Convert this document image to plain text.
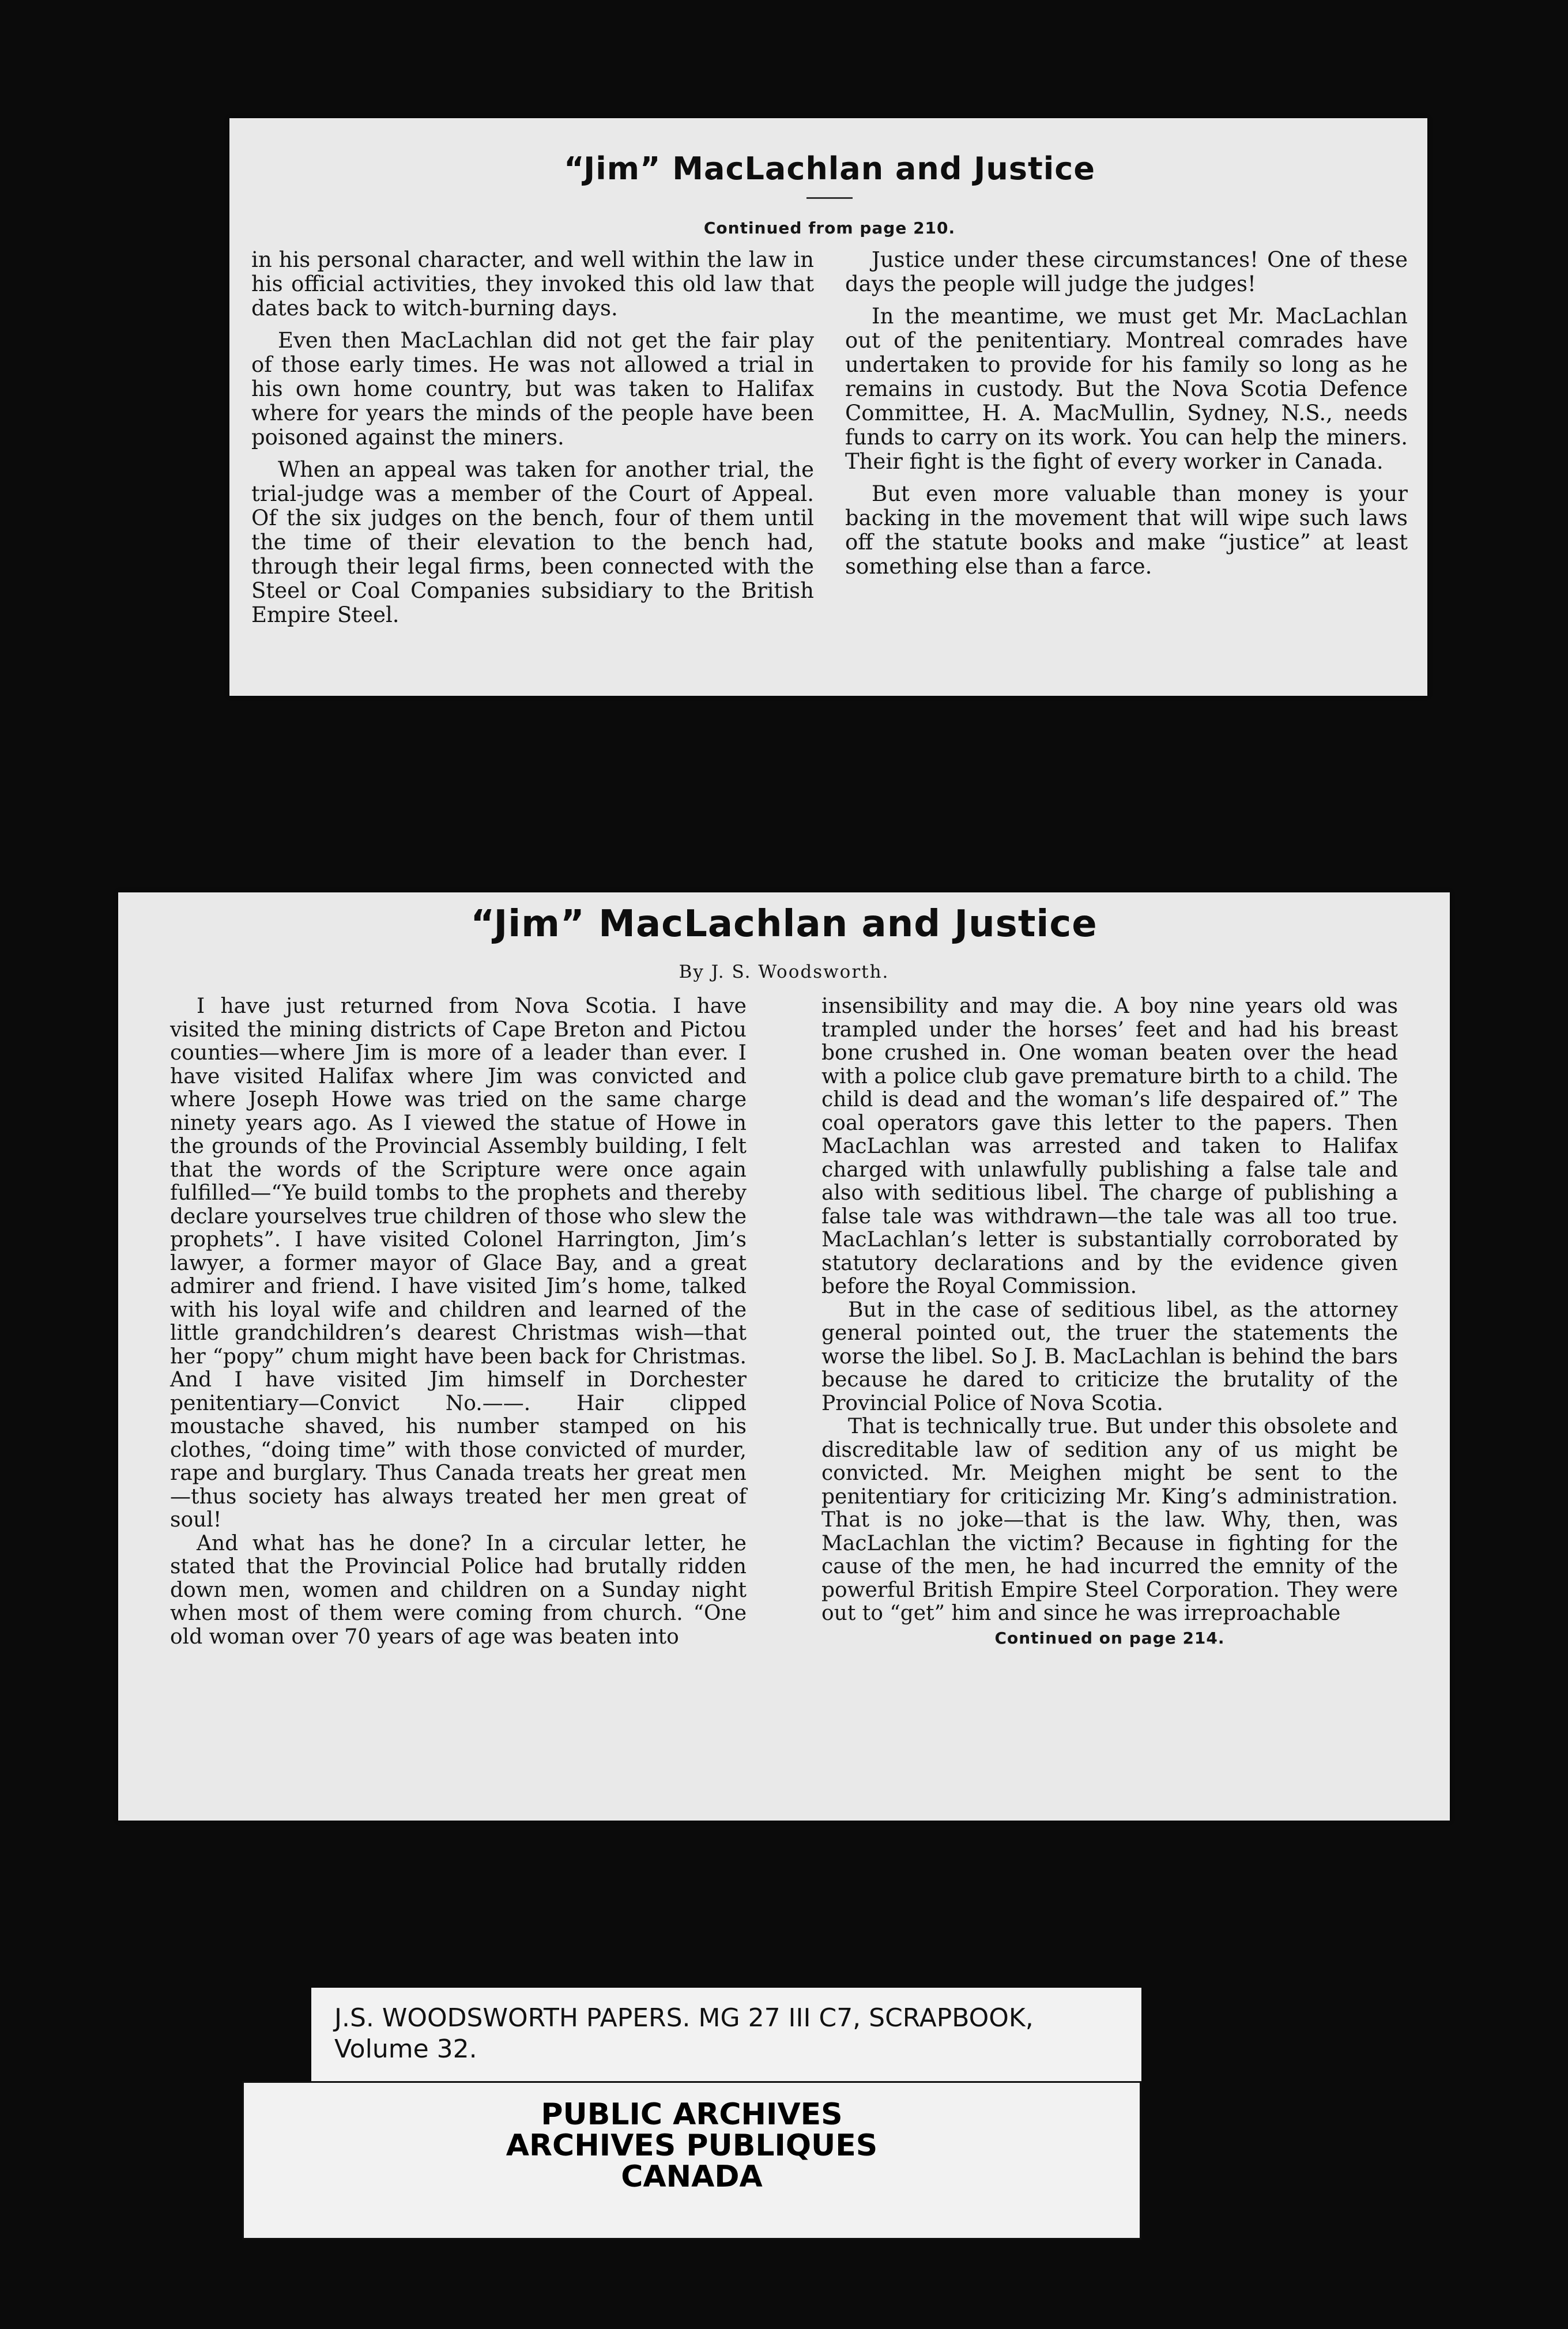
“Jim” MacLachlan and Justice
Continued from page 210.

in his personal character, and well within the law in his official activities, they invoked this old law that dates back to witch-burning days.

Even then MacLachlan did not get the fair play of those early times. He was not allowed a trial in his own home country, but was taken to Halifax where for years the minds of the people have been poisoned against the miners.

When an appeal was taken for another trial, the trial-judge was a member of the Court of Appeal. Of the six judges on the bench, four of them until the time of their elevation to the bench had, through their legal firms, been connected with the Steel or Coal Companies subsidiary to the British Empire Steel.

Justice under these circumstances! One of these days the people will judge the judges!

In the meantime, we must get Mr. MacLachlan out of the penitentiary. Montreal comrades have undertaken to provide for his family so long as he remains in custody. But the Nova Scotia Defence Committee, H. A. MacMullin, Sydney, N.S., needs funds to carry on its work. You can help the miners. Their fight is the fight of every worker in Canada.

But even more valuable than money is your backing in the movement that will wipe such laws off the statute books and make “justice” at least something else than a farce.

“Jim” MacLachlan and Justice
By J. S. Woodsworth.

I have just returned from Nova Scotia. I have visited the mining districts of Cape Breton and Pictou counties—where Jim is more of a leader than ever. I have visited Halifax where Jim was convicted and where Joseph Howe was tried on the same charge ninety years ago. As I viewed the statue of Howe in the grounds of the Provincial Assembly building, I felt that the words of the Scripture were once again fulfilled—“Ye build tombs to the prophets and thereby declare yourselves true children of those who slew the prophets”. I have visited Colonel Harrington, Jim’s lawyer, a former mayor of Glace Bay, and a great admirer and friend. I have visited Jim’s home, talked with his loyal wife and children and learned of the little grandchildren’s dearest Christmas wish—that her “popy” chum might have been back for Christmas. And I have visited Jim himself in Dorchester penitentiary—Convict No.——. Hair clipped moustache shaved, his number stamped on his clothes, “doing time” with those convicted of murder, rape and burglary. Thus Canada treats her great men—thus society has always treated her men great of soul!

And what has he done? In a circular letter, he stated that the Provincial Police had brutally ridden down men, women and children on a Sunday night when most of them were coming from church. “One old woman over 70 years of age was beaten into

insensibility and may die. A boy nine years old was trampled under the horses’ feet and had his breast bone crushed in. One woman beaten over the head with a police club gave premature birth to a child. The child is dead and the woman’s life despaired of.” The coal operators gave this letter to the papers. Then MacLachlan was arrested and taken to Halifax charged with unlawfully publishing a false tale and also with seditious libel. The charge of publishing a false tale was withdrawn—the tale was all too true. MacLachlan’s letter is substantially corroborated by statutory declarations and by the evidence given before the Royal Commission.

But in the case of seditious libel, as the attorney general pointed out, the truer the statements the worse the libel. So J. B. MacLachlan is behind the bars because he dared to criticize the brutality of the Provincial Police of Nova Scotia.

That is technically true. But under this obsolete and discreditable law of sedition any of us might be convicted. Mr. Meighen might be sent to the penitentiary for criticizing Mr. King’s administration. That is no joke—that is the law. Why, then, was MacLachlan the victim? Because in fighting for the cause of the men, he had incurred the emnity of the powerful British Empire Steel Corporation. They were out to “get” him and since he was irreproachable

Continued on page 214.
J.S. WOODSWORTH PAPERS. MG 27 III C7, SCRAPBOOK,
Volume 32.
PUBLIC ARCHIVES
ARCHIVES PUBLIQUES
CANADA
